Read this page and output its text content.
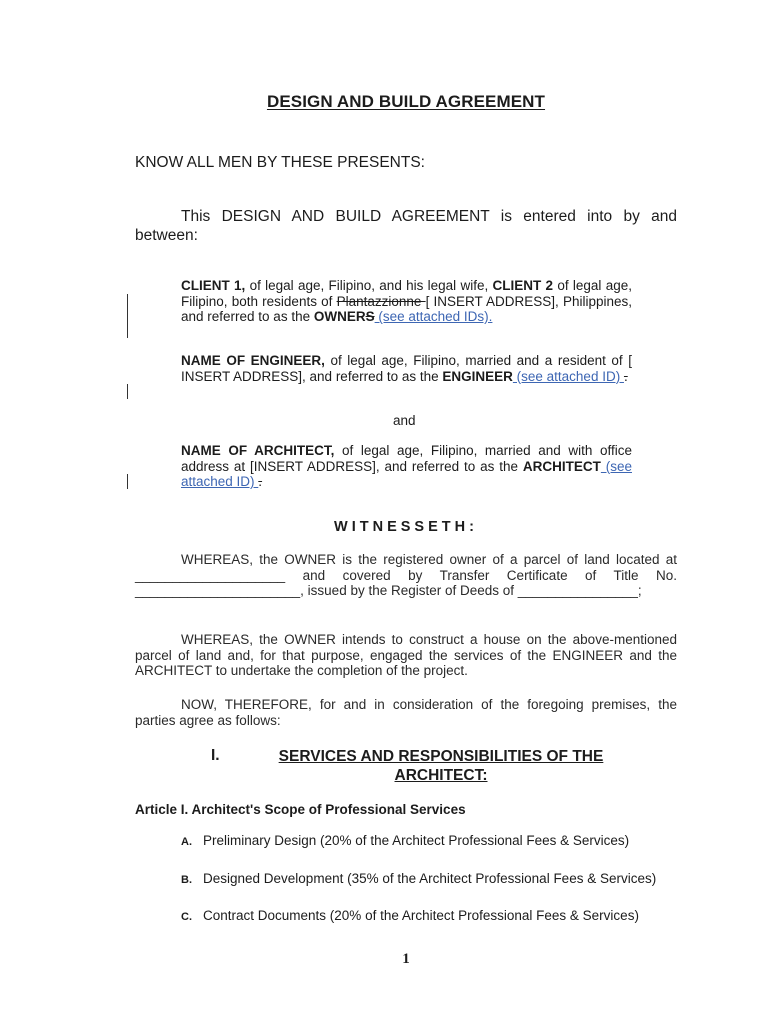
DESIGN AND BUILD AGREEMENT
KNOW ALL MEN BY THESE PRESENTS:
This DESIGN AND BUILD AGREEMENT is entered into by and between:
CLIENT 1, of legal age, Filipino, and his legal wife, CLIENT 2 of legal age, Filipino, both residents of Plantazzionne [ INSERT ADDRESS], Philippines, and referred to as the OWNERS (see attached IDs).
NAME OF ENGINEER, of legal age, Filipino, married and a resident of [ INSERT ADDRESS], and referred to as the ENGINEER (see attached ID) .
and
NAME OF ARCHITECT, of legal age, Filipino, married and with office address at [INSERT ADDRESS], and referred to as the ARCHITECT (see attached ID) .
WITNESSETH:
WHEREAS, the OWNER is the registered owner of a parcel of land located at ____________________ and covered by Transfer Certificate of Title No. ______________________, issued by the Register of Deeds of ________________;
WHEREAS, the OWNER intends to construct a house on the above-mentioned parcel of land and, for that purpose, engaged the services of the ENGINEER and the ARCHITECT to undertake the completion of the project.
NOW, THEREFORE, for and in consideration of the foregoing premises, the parties agree as follows:
I.	SERVICES AND RESPONSIBILITIES OF THE ARCHITECT:
Article I. Architect's Scope of Professional Services
A. Preliminary Design (20% of the Architect Professional Fees & Services)
B. Designed Development (35% of the Architect Professional Fees & Services)
C. Contract Documents (20% of the Architect Professional Fees & Services)
1
